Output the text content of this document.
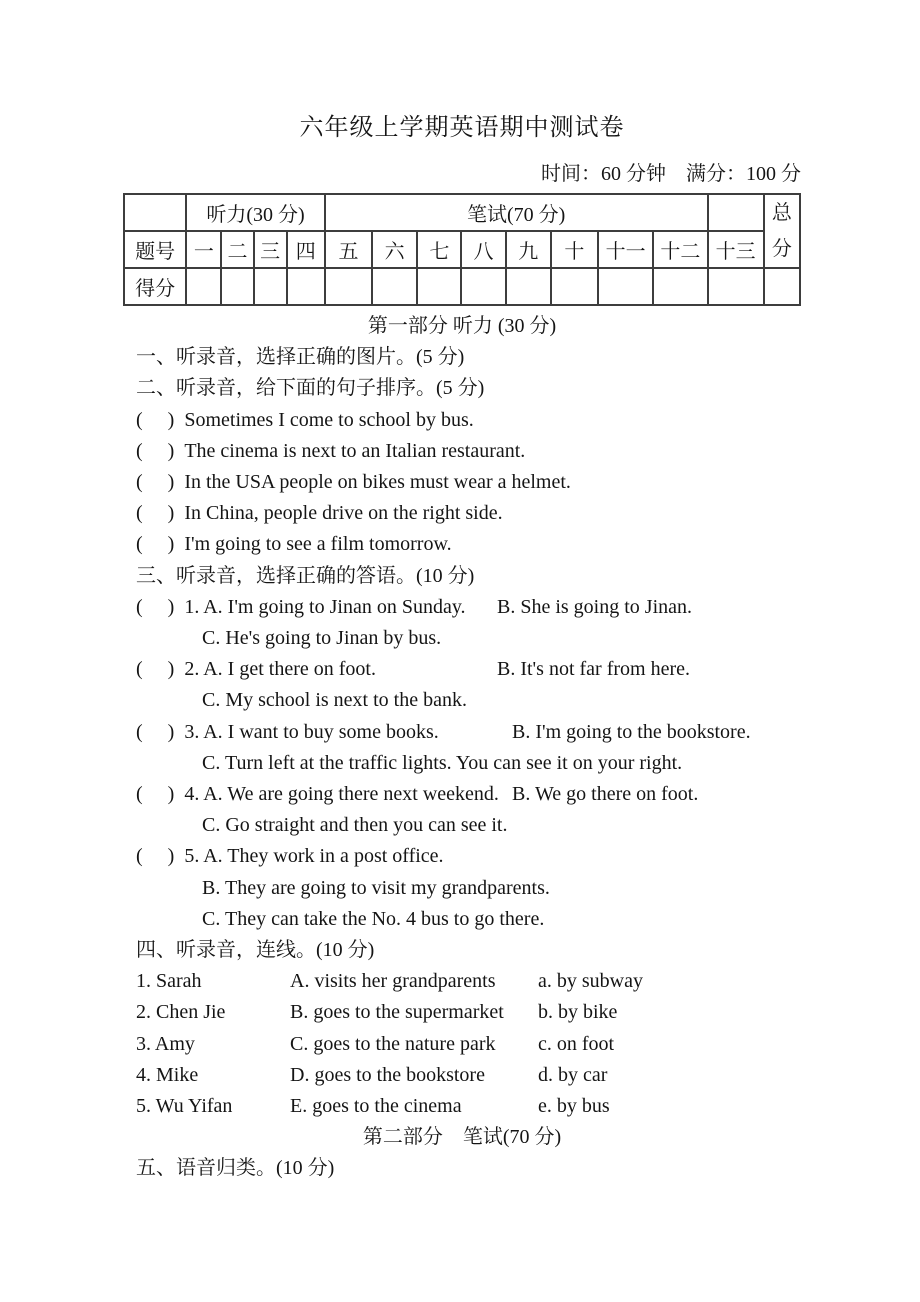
六年级上学期英语期中测试卷
时间：60 分钟　满分：100 分
	听力(30 分)				笔试(70 分)									总
分

题号	一	二	三	四	五	六	七	八	九	十	十一	十二	十三	
得分														
第一部分 听力 (30 分)
一、听录音，选择正确的图片。(5 分)
二、听录音，给下面的句子排序。(5 分)
(     ) Sometimes I come to school by bus.
(     ) The cinema is next to an Italian restaurant.
(     ) In the USA people on bikes must wear a helmet.
(     ) In China, people drive on the right side.
(     ) I'm going to see a film tomorrow.
三、听录音，选择正确的答语。(10 分)
(     ) 1. A. I'm going to Jinan on Sunday. B. She is going to Jinan.
C. He's going to Jinan by bus.
(     ) 2. A. I get there on foot.	B. It's not far from here.
C. My school is next to the bank.
(     ) 3. A. I want to buy some books.	B. I'm going to the bookstore.
C. Turn left at the traffic lights. You can see it on your right.
(     ) 4. A. We are going there next weekend. B. We go there on foot.
C. Go straight and then you can see it.
(     ) 5. A. They work in a post office.
B. They are going to visit my grandparents.
C. They can take the No. 4 bus to go there.
四、听录音，连线。(10 分)
1. Sarah	A. visits her grandparents a. by subway
2. Chen Jie	B. goes to the supermarket b. by bike
3. Amy	C. goes to the nature park c. on foot
4. Mike	D. goes to the bookstore	d. by car
5. Wu Yifan	E. goes to the cinema	e. by bus
第二部分　笔试(70 分)
五、语音归类。(10 分)
